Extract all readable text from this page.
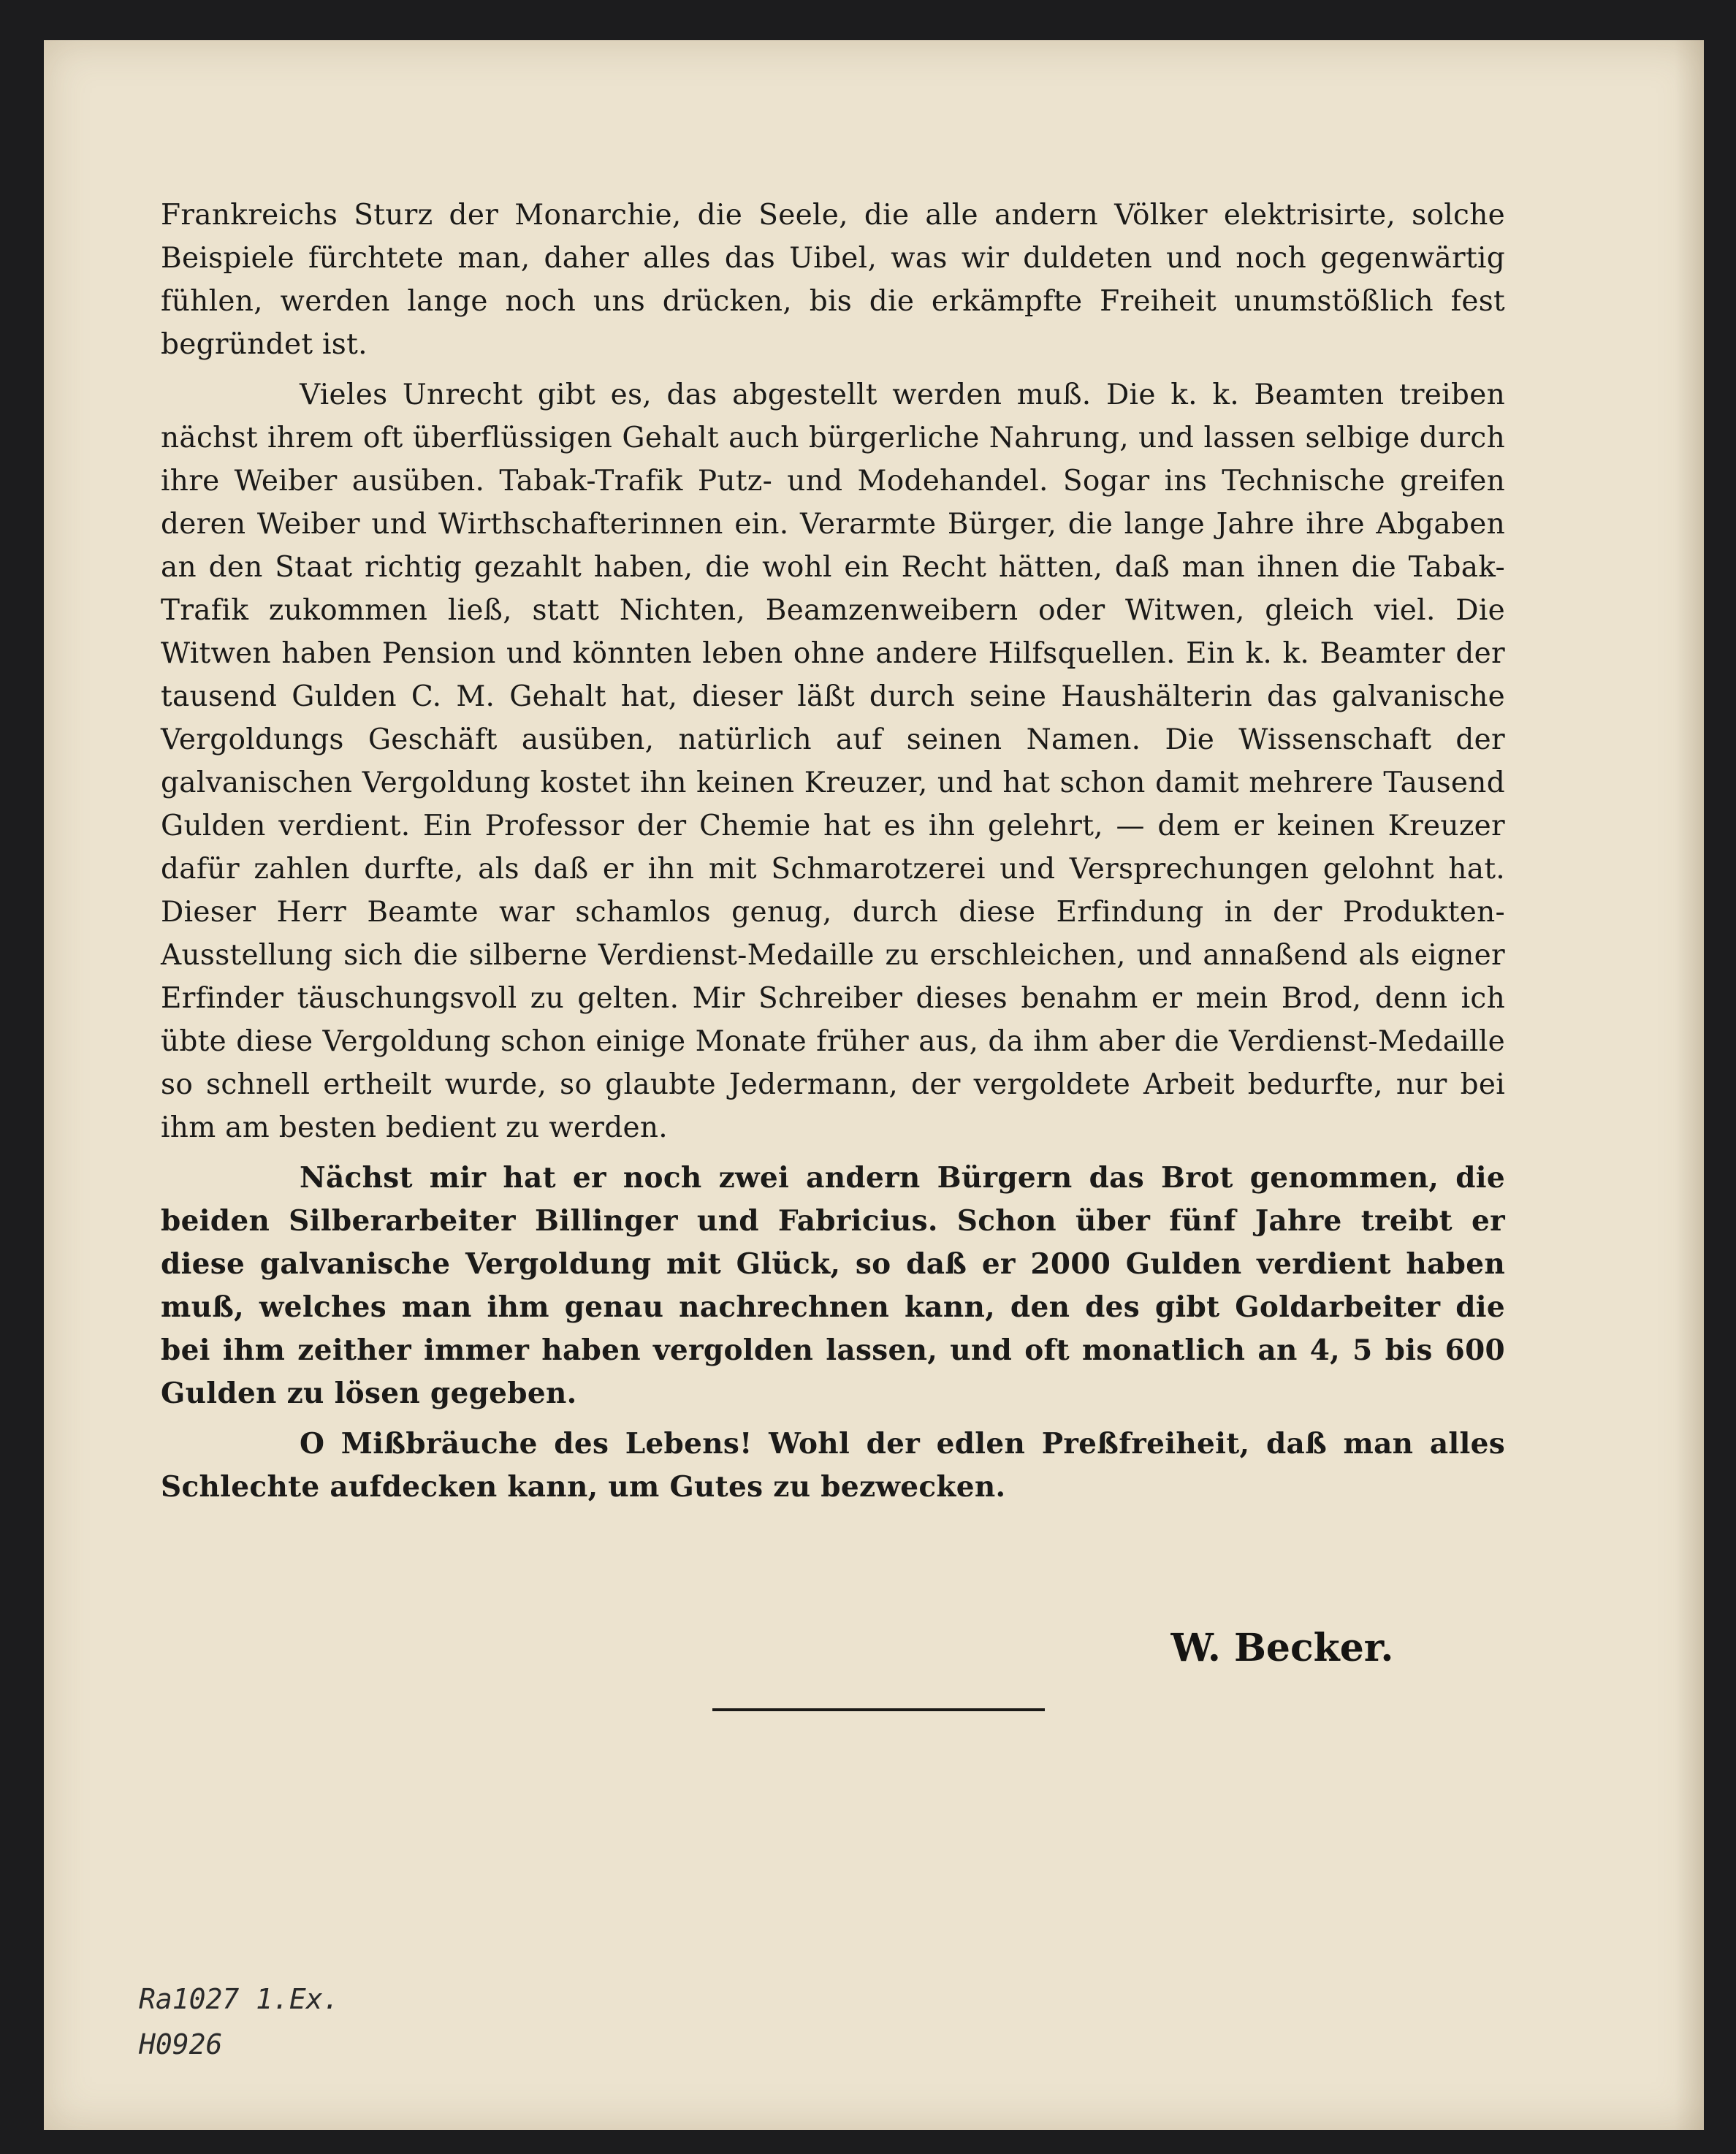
Frankreichs Sturz der Monarchie, die Seele, die alle andern Völker elektrisirte, solche Beispiele fürchtete man, daher alles das Uibel, was wir duldeten und noch gegenwärtig fühlen, werden lange noch uns drücken, bis die erkämpfte Freiheit unumstößlich fest begründet ist.

Vieles Unrecht gibt es, das abgestellt werden muß. Die k. k. Beamten treiben nächst ihrem oft überflüssigen Gehalt auch bürgerliche Nahrung, und lassen selbige durch ihre Weiber ausüben. Tabak-Trafik Putz- und Modehandel. Sogar ins Technische greifen deren Weiber und Wirthschafterinnen ein. Verarmte Bürger, die lange Jahre ihre Abgaben an den Staat richtig gezahlt haben, die wohl ein Recht hätten, daß man ihnen die Tabak-Trafik zukommen ließ, statt Nichten, Beamzenweibern oder Witwen, gleich viel. Die Witwen haben Pension und könnten leben ohne andere Hilfsquellen. Ein k. k. Beamter der tausend Gulden C. M. Gehalt hat, dieser läßt durch seine Haushälterin das galvanische Vergoldungs Geschäft ausüben, natürlich auf seinen Namen. Die Wissenschaft der galvanischen Vergoldung kostet ihn keinen Kreuzer, und hat schon damit mehrere Tausend Gulden verdient. Ein Professor der Chemie hat es ihn gelehrt, — dem er keinen Kreuzer dafür zahlen durfte, als daß er ihn mit Schmarotzerei und Versprechungen gelohnt hat. Dieser Herr Beamte war schamlos genug, durch diese Erfindung in der Produkten-Ausstellung sich die silberne Verdienst-Medaille zu erschleichen, und annaßend als eigner Erfinder täuschungsvoll zu gelten. Mir Schreiber dieses benahm er mein Brod, denn ich übte diese Vergoldung schon einige Monate früher aus, da ihm aber die Verdienst-Medaille so schnell ertheilt wurde, so glaubte Jedermann, der vergoldete Arbeit bedurfte, nur bei ihm am besten bedient zu werden.

Nächst mir hat er noch zwei andern Bürgern das Brot genommen, die beiden Silberarbeiter Billinger und Fabricius. Schon über fünf Jahre treibt er diese galvanische Vergoldung mit Glück, so daß er 2000 Gulden verdient haben muß, welches man ihm genau nachrechnen kann, den des gibt Goldarbeiter die bei ihm zeither immer haben vergolden lassen, und oft monatlich an 4, 5 bis 600 Gulden zu lösen gegeben.

O Mißbräuche des Lebens! Wohl der edlen Preßfreiheit, daß man alles Schlechte aufdecken kann, um Gutes zu bezwecken.

W. Becker.
Ra1027 1.Ex.
H0926
